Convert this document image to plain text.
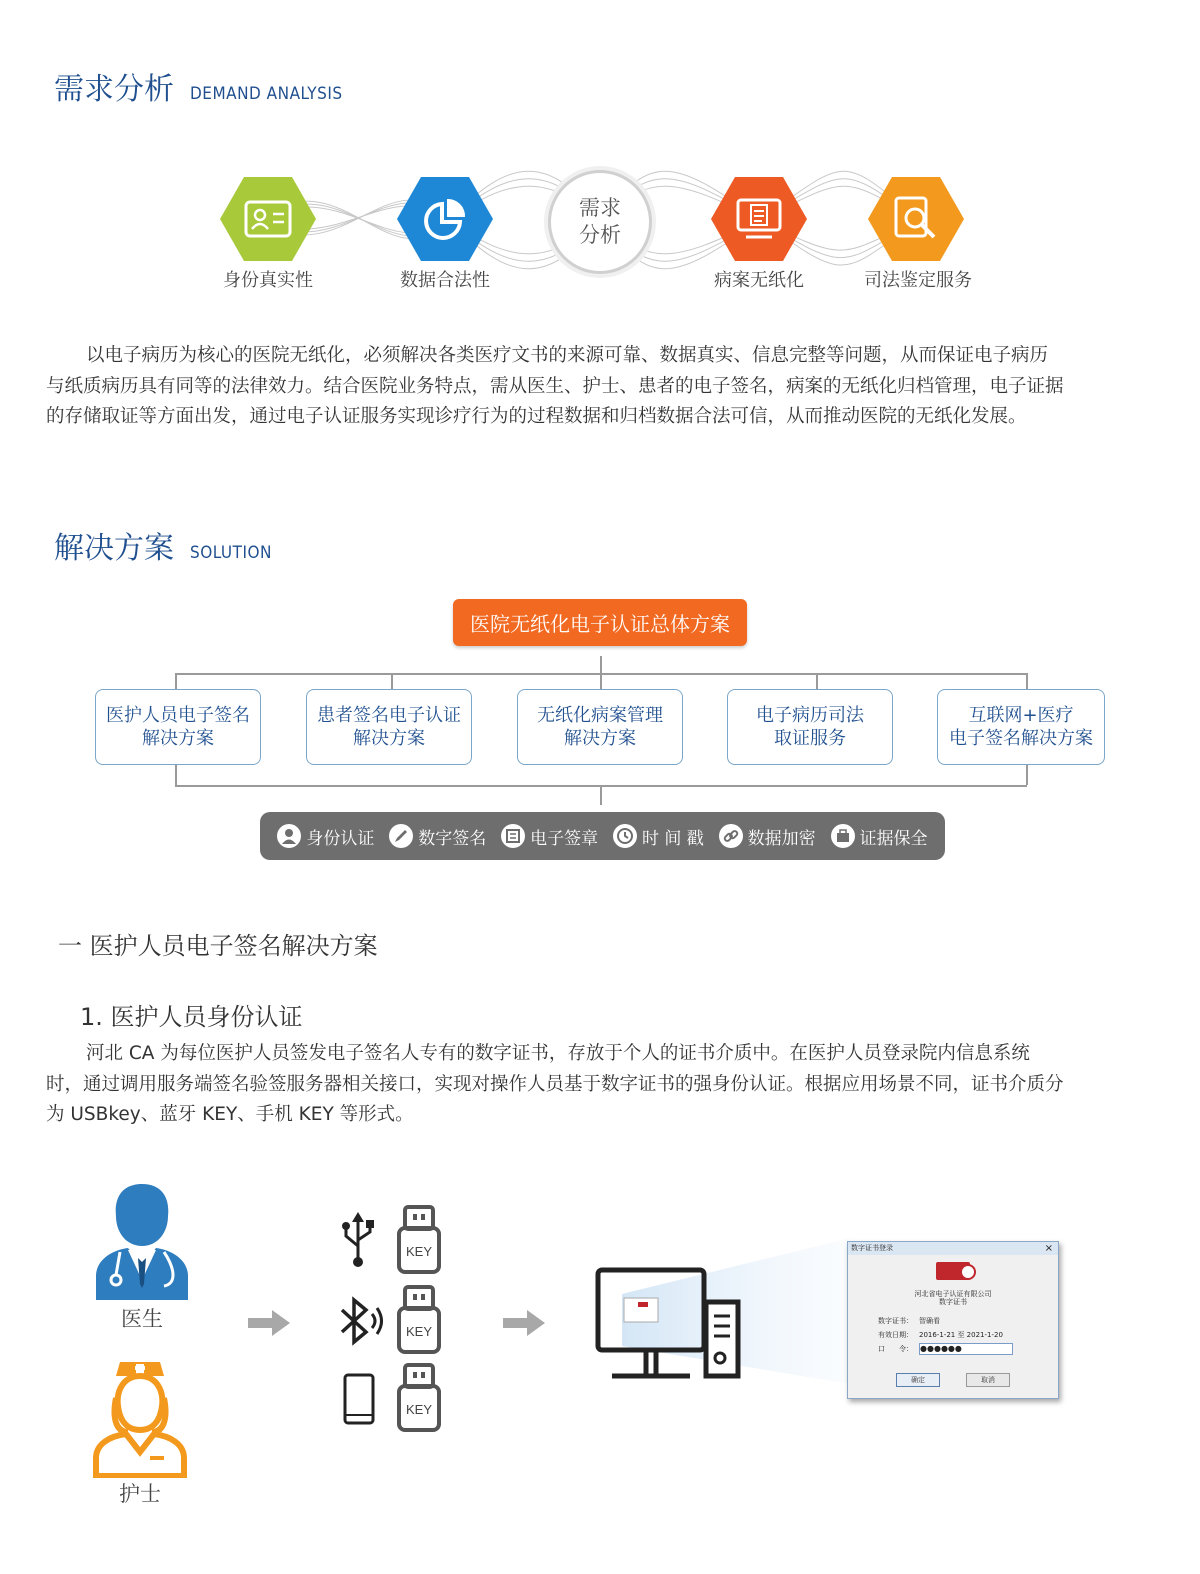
需求分析 DEMAND ANALYSIS
需求
分析
身份真实性	数据合法性	病案无纸化	司法鉴定服务

以电子病历为核心的医院无纸化，必须解决各类医疗文书的来源可靠、数据真实、信息完整等问题，从而保证电子病历与纸质病历具有同等的法律效力。结合医院业务特点，需从医生、护士、患者的电子签名，病案的无纸化归档管理，电子证据的存储取证等方面出发，通过电子认证服务实现诊疗行为的过程数据和归档数据合法可信，从而推动医院的无纸化发展。

解决方案 SOLUTION
医院无纸化电子认证总体方案
医护人员电子签名
解决方案
患者签名电子认证
解决方案
无纸化病案管理
解决方案
电子病历司法
取证服务
互联网+医疗
电子签名解决方案
身份认证	数字签名	电子签章	时 间 戳	数据加密	证据保全
一 医护人员电子签名解决方案
1. 医护人员身份认证

河北 CA 为每位医护人员签发电子签名人专有的数字证书，存放于个人的证书介质中。在医护人员登录院内信息系统时，通过调用服务端签名验签服务器相关接口，实现对操作人员基于数字证书的强身份认证。根据应用场景不同，证书介质分为 USBkey、蓝牙 KEY、手机 KEY 等形式。

医生
护士
KEY
KEY
KEY
数字证书登录	×
河北省电子认证有限公司
数字证书
数字证书： 智确看
有效日期： 2016-1-21 至 2021-1-20
口　　令： ●●●●●●
确定	取消
